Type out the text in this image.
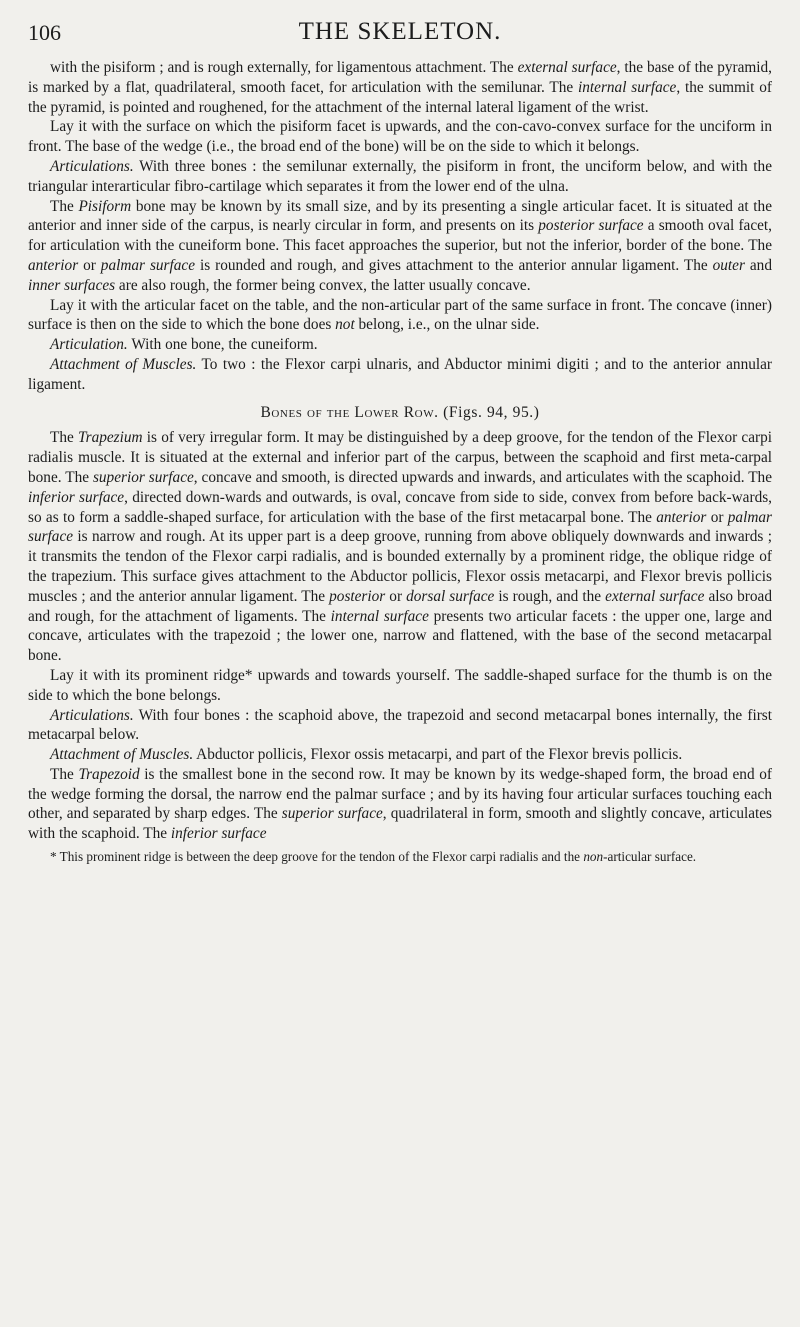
106	THE SKELETON.

with the pisiform ; and is rough externally, for ligamentous attachment. The external surface, the base of the pyramid, is marked by a flat, quadrilateral, smooth facet, for articulation with the semilunar. The internal surface, the summit of the pyramid, is pointed and roughened, for the attachment of the internal lateral ligament of the wrist.

Lay it with the surface on which the pisiform facet is upwards, and the con-cavo-convex surface for the unciform in front. The base of the wedge (i.e., the broad end of the bone) will be on the side to which it belongs.

Articulations. With three bones : the semilunar externally, the pisiform in front, the unciform below, and with the triangular interarticular fibro-cartilage which separates it from the lower end of the ulna.

The Pisiform bone may be known by its small size, and by its presenting a single articular facet. It is situated at the anterior and inner side of the carpus, is nearly circular in form, and presents on its posterior surface a smooth oval facet, for articulation with the cuneiform bone. This facet approaches the superior, but not the inferior, border of the bone. The anterior or palmar surface is rounded and rough, and gives attachment to the anterior annular ligament. The outer and inner surfaces are also rough, the former being convex, the latter usually concave.

Lay it with the articular facet on the table, and the non-articular part of the same surface in front. The concave (inner) surface is then on the side to which the bone does not belong, i.e., on the ulnar side.

Articulation. With one bone, the cuneiform.

Attachment of Muscles. To two : the Flexor carpi ulnaris, and Abductor minimi digiti ; and to the anterior annular ligament.

Bones of the Lower Row. (Figs. 94, 95.)

The Trapezium is of very irregular form. It may be distinguished by a deep groove, for the tendon of the Flexor carpi radialis muscle. It is situated at the external and inferior part of the carpus, between the scaphoid and first meta-carpal bone. The superior surface, concave and smooth, is directed upwards and inwards, and articulates with the scaphoid. The inferior surface, directed down-wards and outwards, is oval, concave from side to side, convex from before back-wards, so as to form a saddle-shaped surface, for articulation with the base of the first metacarpal bone. The anterior or palmar surface is narrow and rough. At its upper part is a deep groove, running from above obliquely downwards and inwards ; it transmits the tendon of the Flexor carpi radialis, and is bounded externally by a prominent ridge, the oblique ridge of the trapezium. This surface gives attachment to the Abductor pollicis, Flexor ossis metacarpi, and Flexor brevis pollicis muscles ; and the anterior annular ligament. The posterior or dorsal surface is rough, and the external surface also broad and rough, for the attachment of ligaments. The internal surface presents two articular facets : the upper one, large and concave, articulates with the trapezoid ; the lower one, narrow and flattened, with the base of the second metacarpal bone.

Lay it with its prominent ridge* upwards and towards yourself. The saddle-shaped surface for the thumb is on the side to which the bone belongs.

Articulations. With four bones : the scaphoid above, the trapezoid and second metacarpal bones internally, the first metacarpal below.

Attachment of Muscles. Abductor pollicis, Flexor ossis metacarpi, and part of the Flexor brevis pollicis.

The Trapezoid is the smallest bone in the second row. It may be known by its wedge-shaped form, the broad end of the wedge forming the dorsal, the narrow end the palmar surface ; and by its having four articular surfaces touching each other, and separated by sharp edges. The superior surface, quadrilateral in form, smooth and slightly concave, articulates with the scaphoid. The inferior surface

* This prominent ridge is between the deep groove for the tendon of the Flexor carpi radialis and the non-articular surface.
